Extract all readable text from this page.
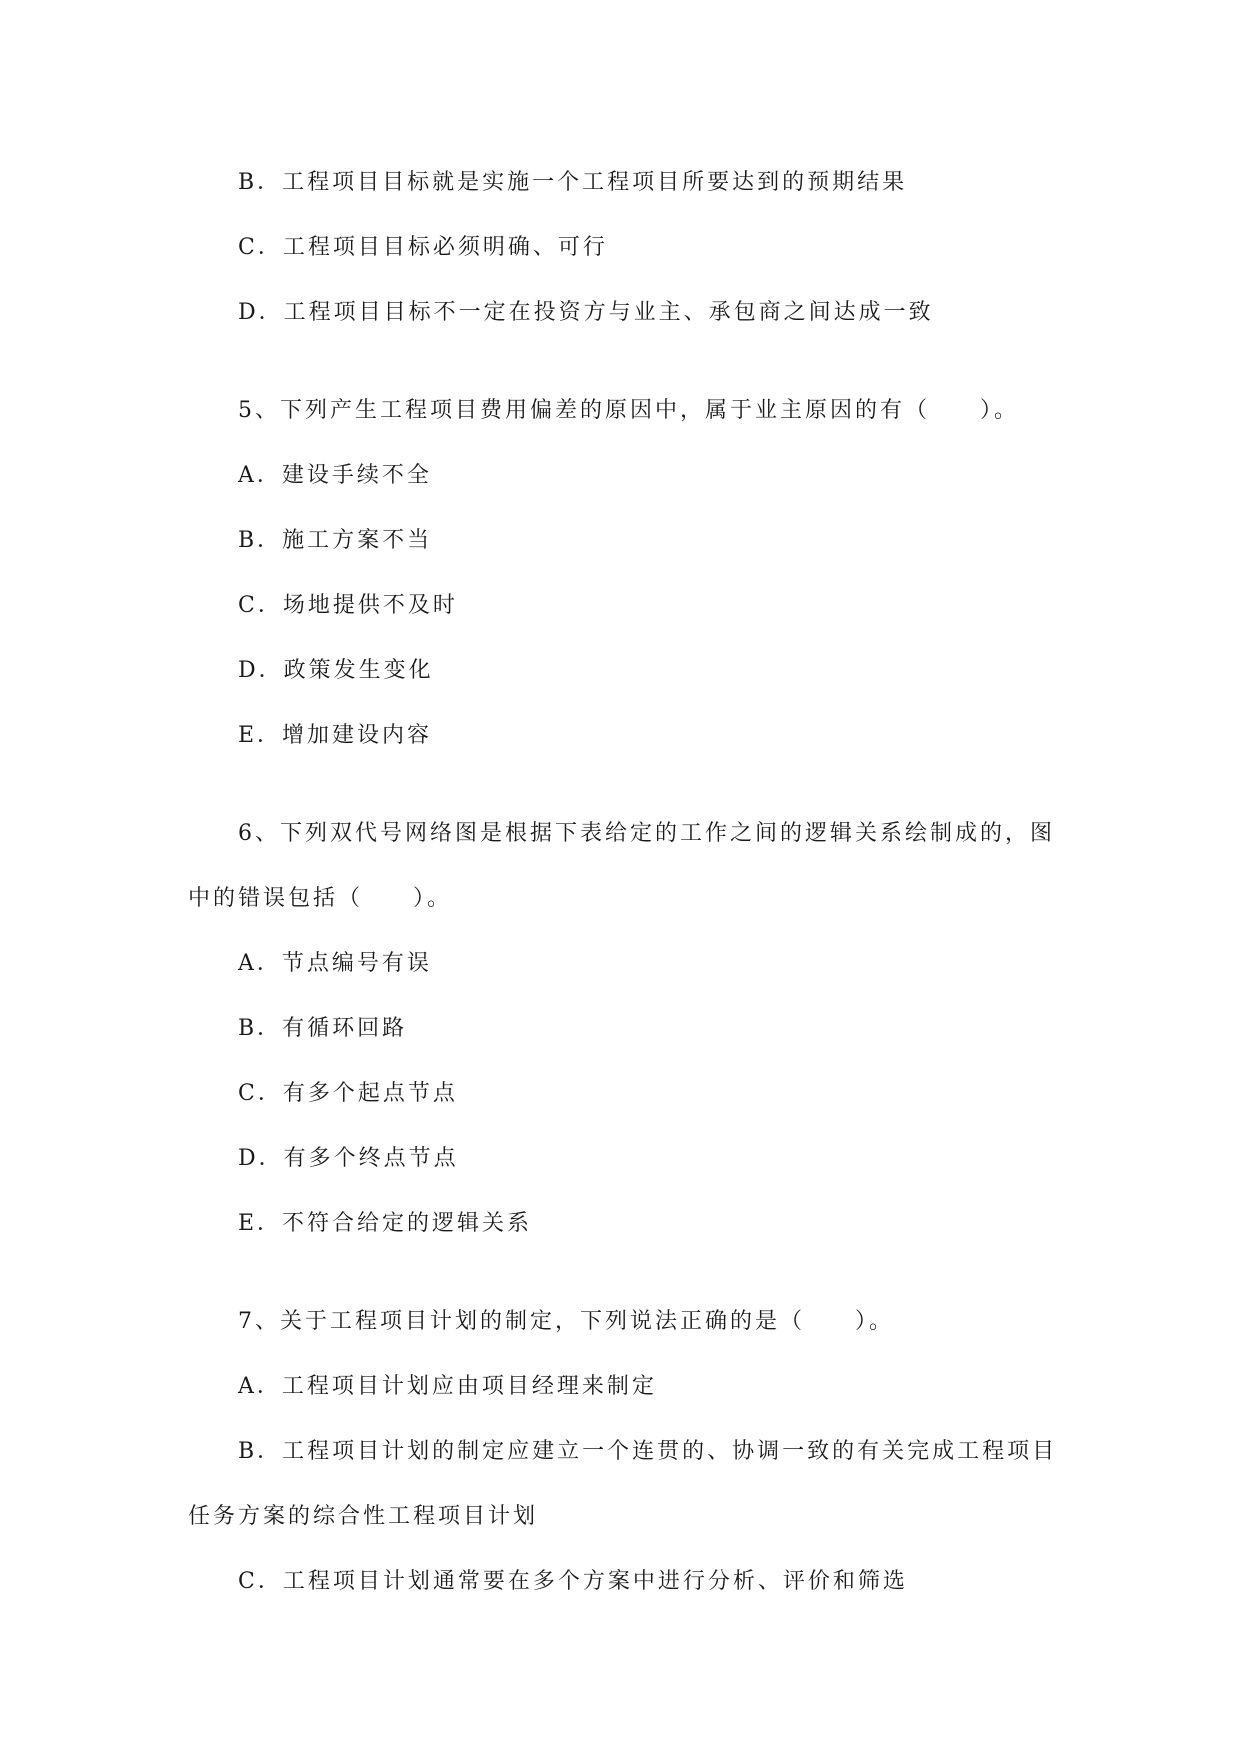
B．工程项目目标就是实施一个工程项目所要达到的预期结果
C．工程项目目标必须明确、可行
D．工程项目目标不一定在投资方与业主、承包商之间达成一致
5、下列产生工程项目费用偏差的原因中，属于业主原因的有（　　）。
A．建设手续不全
B．施工方案不当
C．场地提供不及时
D．政策发生变化
E．增加建设内容
6、下列双代号网络图是根据下表给定的工作之间的逻辑关系绘制成的，图
中的错误包括（　　）。
A．节点编号有误
B．有循环回路
C．有多个起点节点
D．有多个终点节点
E．不符合给定的逻辑关系
7、关于工程项目计划的制定，下列说法正确的是（　　）。
A．工程项目计划应由项目经理来制定
B．工程项目计划的制定应建立一个连贯的、协调一致的有关完成工程项目
任务方案的综合性工程项目计划
C．工程项目计划通常要在多个方案中进行分析、评价和筛选
